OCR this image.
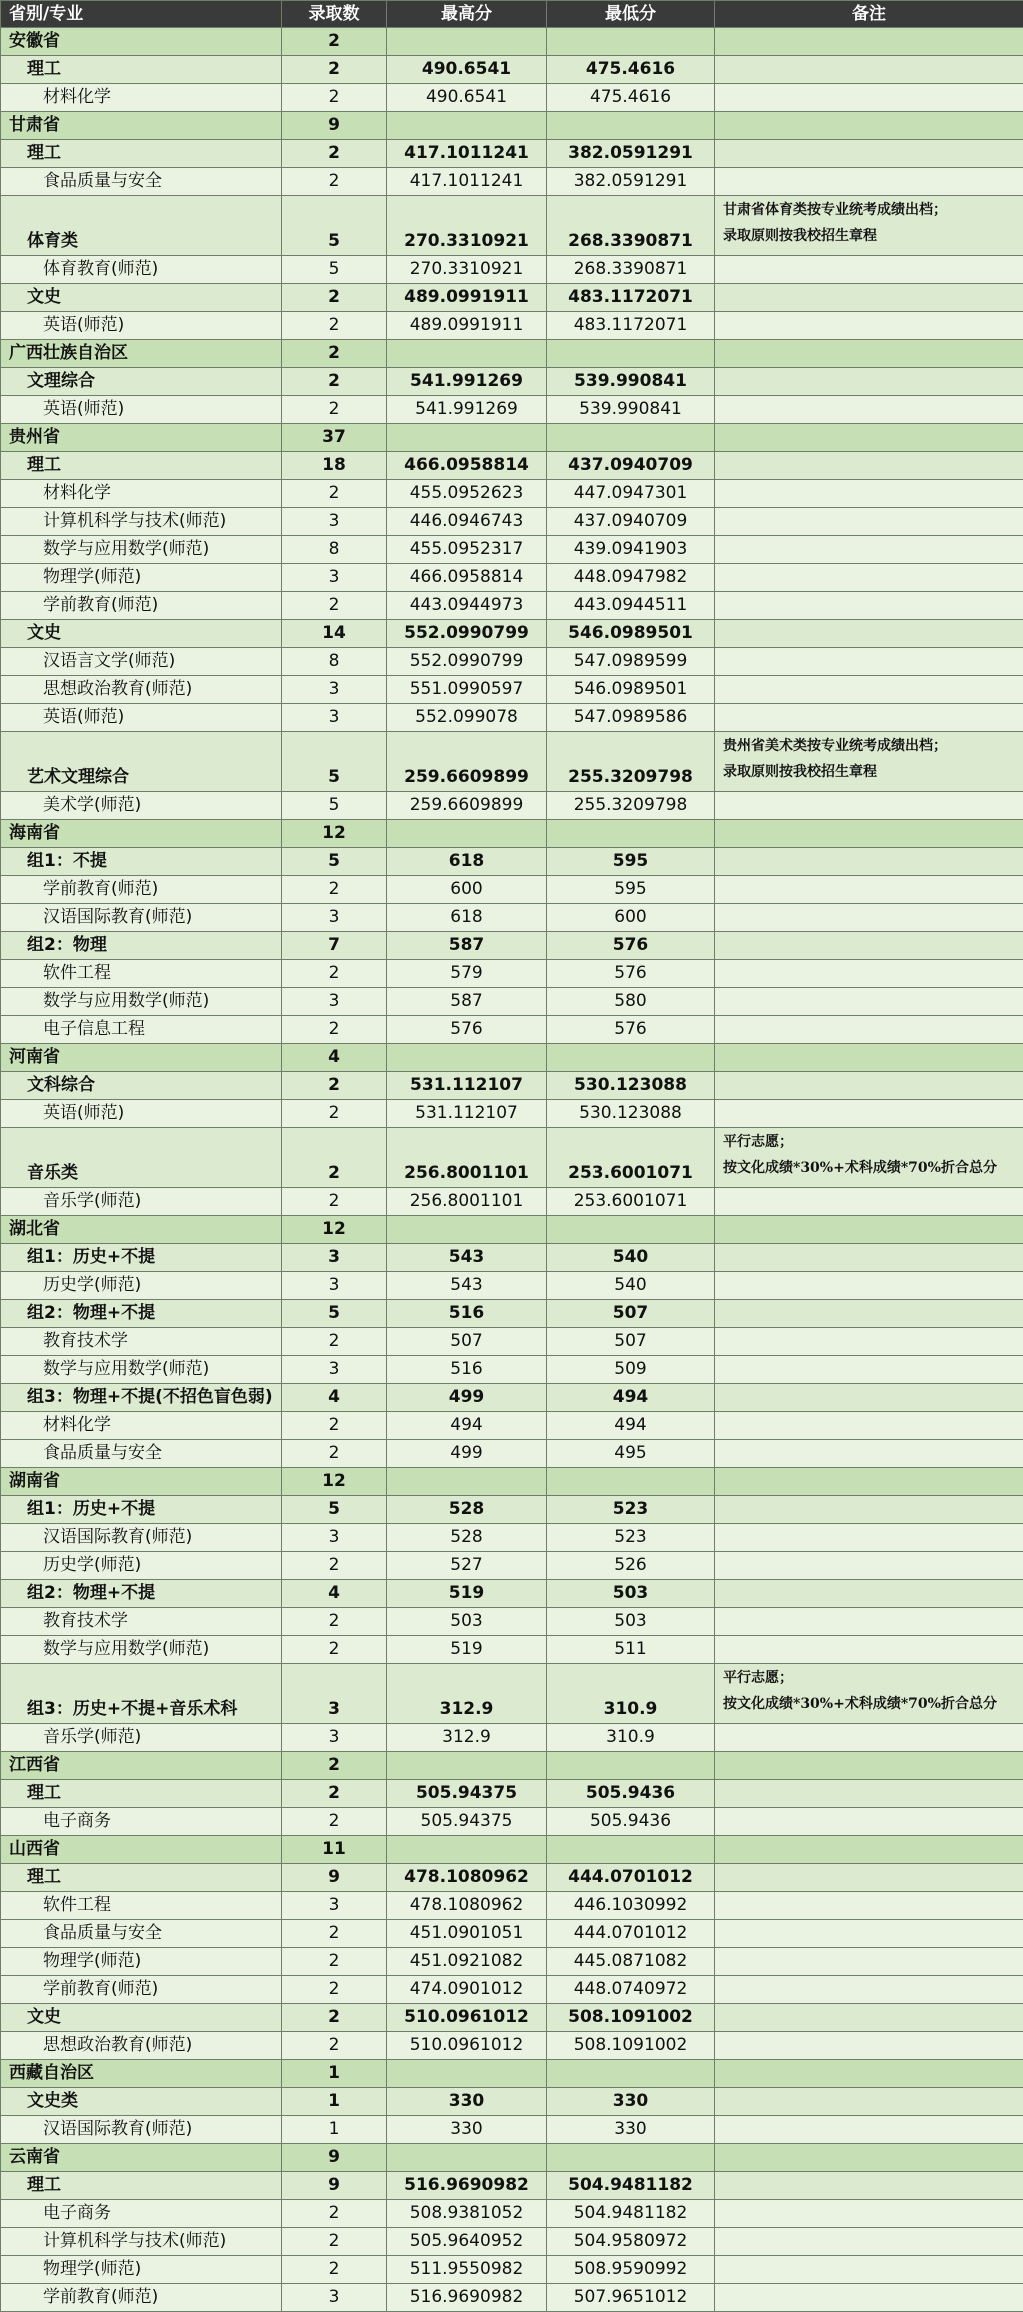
省别/专业	录取数	最高分	最低分	备注
安徽省	2			
理工	2	490.6541	475.4616	
材料化学	2	490.6541	475.4616	
甘肃省	9			
理工	2	417.1011241	382.0591291	
食品质量与安全	2	417.1011241	382.0591291	
体育类	5	270.3310921	268.3390871	甘肃省体育类按专业统考成绩出档；
录取原则按我校招生章程

体育教育(师范)	5	270.3310921	268.3390871	
文史	2	489.0991911	483.1172071	
英语(师范)	2	489.0991911	483.1172071	
广西壮族自治区	2			
文理综合	2	541.991269	539.990841	
英语(师范)	2	541.991269	539.990841	
贵州省	37			
理工	18	466.0958814	437.0940709	
材料化学	2	455.0952623	447.0947301	
计算机科学与技术(师范)	3	446.0946743	437.0940709	
数学与应用数学(师范)	8	455.0952317	439.0941903	
物理学(师范)	3	466.0958814	448.0947982	
学前教育(师范)	2	443.0944973	443.0944511	
文史	14	552.0990799	546.0989501	
汉语言文学(师范)	8	552.0990799	547.0989599	
思想政治教育(师范)	3	551.0990597	546.0989501	
英语(师范)	3	552.099078	547.0989586	
艺术文理综合	5	259.6609899	255.3209798	贵州省美术类按专业统考成绩出档；
录取原则按我校招生章程

美术学(师范)	5	259.6609899	255.3209798	
海南省	12			
组1：不提	5	618	595	
学前教育(师范)	2	600	595	
汉语国际教育(师范)	3	618	600	
组2：物理	7	587	576	
软件工程	2	579	576	
数学与应用数学(师范)	3	587	580	
电子信息工程	2	576	576	
河南省	4			
文科综合	2	531.112107	530.123088	
英语(师范)	2	531.112107	530.123088	
音乐类	2	256.8001101	253.6001071	平行志愿；
按文化成绩*30%+术科成绩*70%折合总分

音乐学(师范)	2	256.8001101	253.6001071	
湖北省	12			
组1：历史+不提	3	543	540	
历史学(师范)	3	543	540	
组2：物理+不提	5	516	507	
教育技术学	2	507	507	
数学与应用数学(师范)	3	516	509	
组3：物理+不提(不招色盲色弱)	4	499	494	
材料化学	2	494	494	
食品质量与安全	2	499	495	
湖南省	12			
组1：历史+不提	5	528	523	
汉语国际教育(师范)	3	528	523	
历史学(师范)	2	527	526	
组2：物理+不提	4	519	503	
教育技术学	2	503	503	
数学与应用数学(师范)	2	519	511	
组3：历史+不提+音乐术科	3	312.9	310.9	平行志愿；
按文化成绩*30%+术科成绩*70%折合总分

音乐学(师范)	3	312.9	310.9	
江西省	2			
理工	2	505.94375	505.9436	
电子商务	2	505.94375	505.9436	
山西省	11			
理工	9	478.1080962	444.0701012	
软件工程	3	478.1080962	446.1030992	
食品质量与安全	2	451.0901051	444.0701012	
物理学(师范)	2	451.0921082	445.0871082	
学前教育(师范)	2	474.0901012	448.0740972	
文史	2	510.0961012	508.1091002	
思想政治教育(师范)	2	510.0961012	508.1091002	
西藏自治区	1			
文史类	1	330	330	
汉语国际教育(师范)	1	330	330	
云南省	9			
理工	9	516.9690982	504.9481182	
电子商务	2	508.9381052	504.9481182	
计算机科学与技术(师范)	2	505.9640952	504.9580972	
物理学(师范)	2	511.9550982	508.9590992	
学前教育(师范)	3	516.9690982	507.9651012	
